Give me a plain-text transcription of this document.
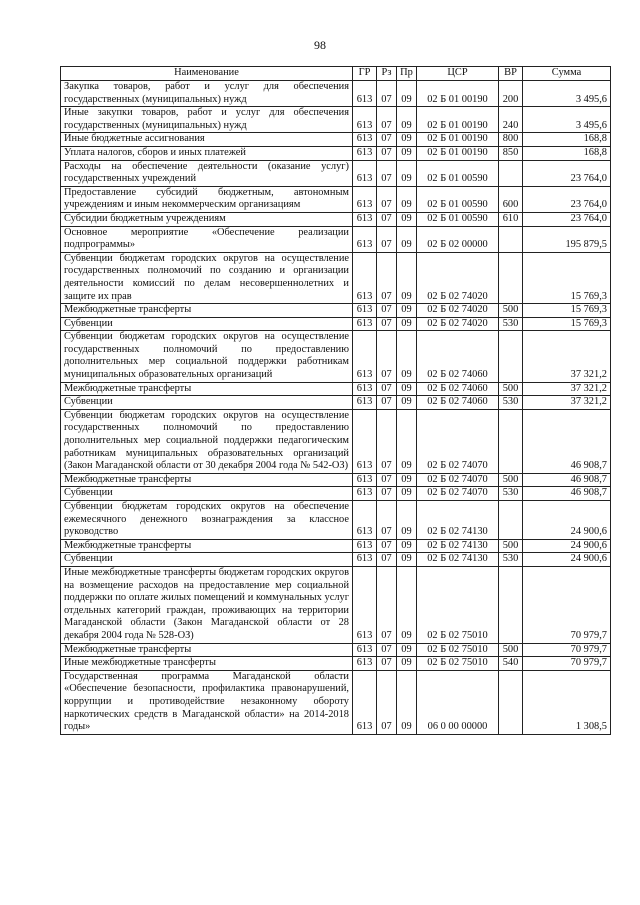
98
Наименование	ГР	Рз	Пр	ЦСР	ВР	Сумма
Закупка товаров, работ и услуг для обеспечения государственных (муниципальных) нужд	613	07	09	02 Б 01 00190	200	3 495,6
Иные закупки товаров, работ и услуг для обеспечения государственных (муниципальных) нужд	613	07	09	02 Б 01 00190	240	3 495,6
Иные бюджетные ассигнования	613	07	09	02 Б 01 00190	800	168,8
Уплата налогов, сборов и иных платежей	613	07	09	02 Б 01 00190	850	168,8
Расходы на обеспечение деятельности (оказание услуг) государственных учреждений	613	07	09	02 Б 01 00590		23 764,0
Предоставление субсидий бюджетным, автономным учреждениям и иным некоммерческим организациям	613	07	09	02 Б 01 00590	600	23 764,0
Субсидии бюджетным учреждениям	613	07	09	02 Б 01 00590	610	23 764,0
Основное мероприятие «Обеспечение реализации подпрограммы»	613	07	09	02 Б 02 00000		195 879,5
Субвенции бюджетам городских округов на осуществление государственных полномочий по созданию и организации деятельности комиссий по делам несовершеннолетних и защите их прав	613	07	09	02 Б 02 74020		15 769,3
Межбюджетные трансферты	613	07	09	02 Б 02 74020	500	15 769,3
Субвенции	613	07	09	02 Б 02 74020	530	15 769,3
Субвенции бюджетам городских округов на осуществление государственных полномочий по предоставлению дополнительных мер социальной поддержки работникам муниципальных образовательных организаций	613	07	09	02 Б 02 74060		37 321,2
Межбюджетные трансферты	613	07	09	02 Б 02 74060	500	37 321,2
Субвенции	613	07	09	02 Б 02 74060	530	37 321,2
Субвенции бюджетам городских округов на осуществление государственных полномочий по предоставлению дополнительных мер социальной поддержки педагогическим работникам муниципальных образовательных организаций (Закон Магаданской области от 30 декабря 2004 года № 542-ОЗ)	613	07	09	02 Б 02 74070		46 908,7
Межбюджетные трансферты	613	07	09	02 Б 02 74070	500	46 908,7
Субвенции	613	07	09	02 Б 02 74070	530	46 908,7
Субвенции бюджетам городских округов на обеспечение ежемесячного денежного вознаграждения за классное руководство	613	07	09	02 Б 02 74130		24 900,6
Межбюджетные трансферты	613	07	09	02 Б 02 74130	500	24 900,6
Субвенции	613	07	09	02 Б 02 74130	530	24 900,6
Иные межбюджетные трансферты бюджетам городских округов на возмещение расходов на предоставление мер социальной поддержки по оплате жилых помещений и коммунальных услуг отдельных категорий граждан, проживающих на территории Магаданской области (Закон Магаданской области от 28 декабря 2004 года № 528-ОЗ)	613	07	09	02 Б 02 75010		70 979,7
Межбюджетные трансферты	613	07	09	02 Б 02 75010	500	70 979,7
Иные межбюджетные трансферты	613	07	09	02 Б 02 75010	540	70 979,7
Государственная программа Магаданской области «Обеспечение безопасности, профилактика правонарушений, коррупции и противодействие незаконному обороту наркотических средств в Магаданской области» на 2014-2018 годы»	613	07	09	06 0 00 00000		1 308,5
